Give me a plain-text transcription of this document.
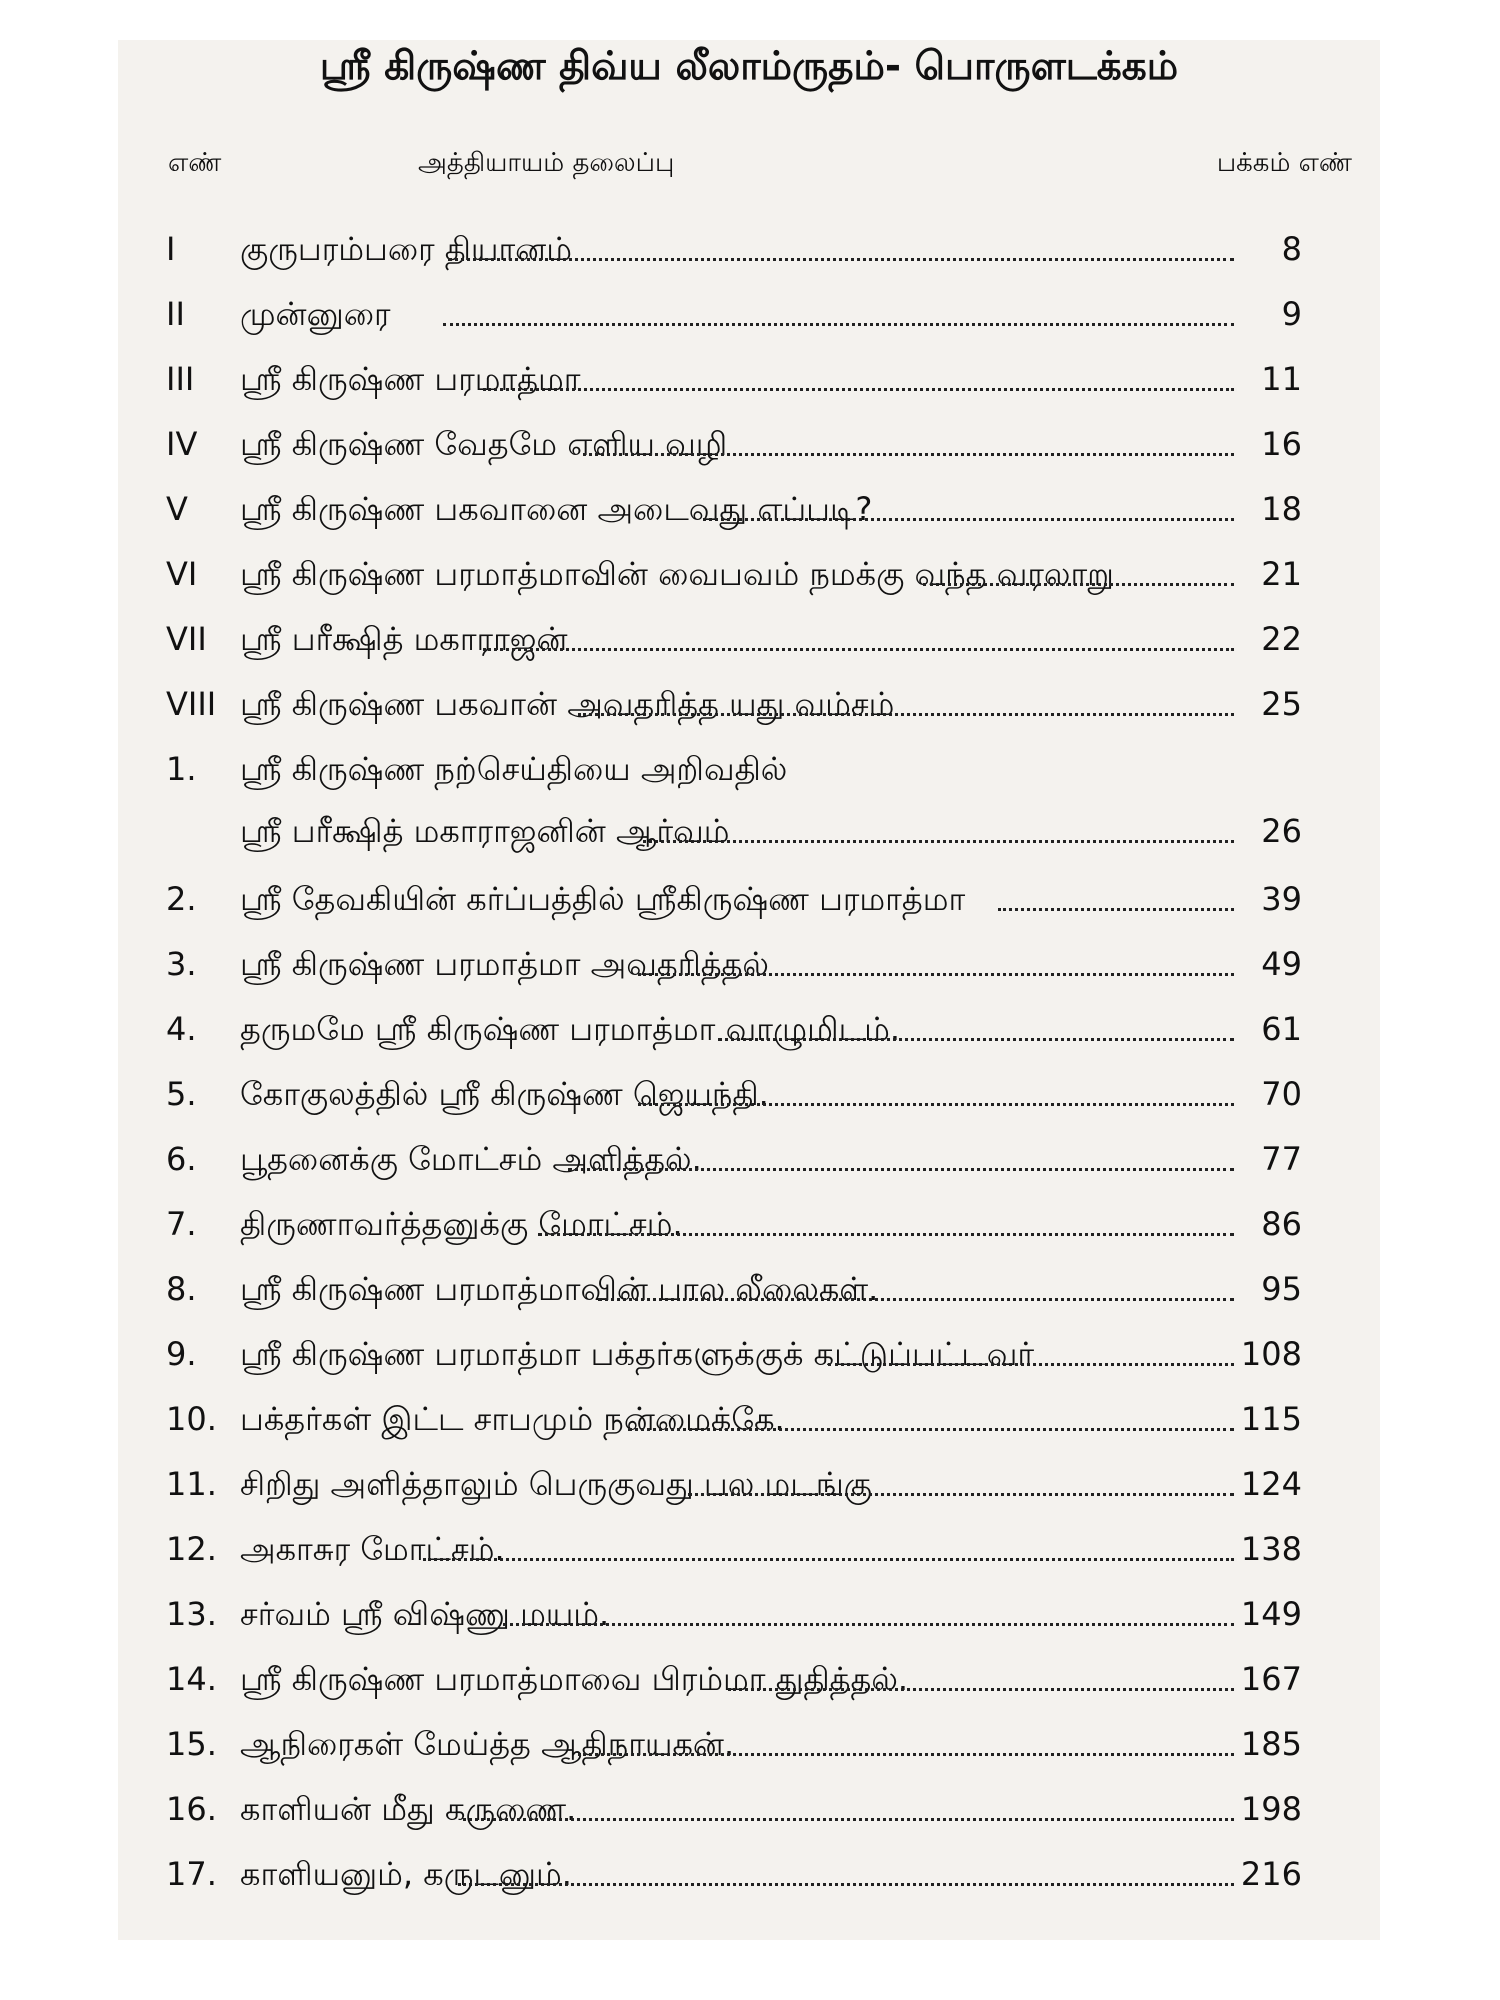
ஸ்ரீ கிருஷ்ண திவ்ய லீலாம்ருதம்- பொருளடக்கம்
எண்	அத்தியாயம் தலைப்பு	பக்கம் எண்
I குருபரம்பரை தியானம்	8
II முன்னுரை	9
III ஸ்ரீ கிருஷ்ண பரமாத்மா	11
IV ஸ்ரீ கிருஷ்ண வேதமே எளிய வழி	16
V ஸ்ரீ கிருஷ்ண பகவானை அடைவது எப்படி?	18
VI ஸ்ரீ கிருஷ்ண பரமாத்மாவின் வைபவம் நமக்கு வந்த வரலாறு	21
VII ஸ்ரீ பரீக்ஷித் மகாராஜன்	22
VIII ஸ்ரீ கிருஷ்ண பகவான் அவதரித்த யது வம்சம்	25
1. ஸ்ரீ கிருஷ்ண நற்செய்தியை அறிவதில்
ஸ்ரீ பரீக்ஷித் மகாராஜனின் ஆர்வம்	26
2. ஸ்ரீ தேவகியின் கர்ப்பத்தில் ஸ்ரீகிருஷ்ண பரமாத்மா	39
3. ஸ்ரீ கிருஷ்ண பரமாத்மா அவதரித்தல்	49
4. தருமமே ஸ்ரீ கிருஷ்ண பரமாத்மா வாழுமிடம்.	61
5. கோகுலத்தில் ஸ்ரீ கிருஷ்ண ஜெயந்தி.	70
6. பூதனைக்கு மோட்சம் அளித்தல்.	77
7. திருணாவர்த்தனுக்கு மோட்சம்.	86
8. ஸ்ரீ கிருஷ்ண பரமாத்மாவின் பால லீலைகள்.	95
9. ஸ்ரீ கிருஷ்ண பரமாத்மா பக்தர்களுக்குக் கட்டுப்பட்டவர்	108
10. பக்தர்கள் இட்ட சாபமும் நன்மைக்கே.	115
11. சிறிது அளித்தாலும் பெருகுவது பல மடங்கு	124
12. அகாசுர மோட்சம்.	138
13. சர்வம் ஸ்ரீ விஷ்ணு மயம்.	149
14. ஸ்ரீ கிருஷ்ண பரமாத்மாவை பிரம்மா துதித்தல்.	167
15. ஆநிரைகள் மேய்த்த ஆதிநாயகன்.	185
16. காளியன் மீது கருணை.	198
17. காளியனும், கருடனும்.	216
